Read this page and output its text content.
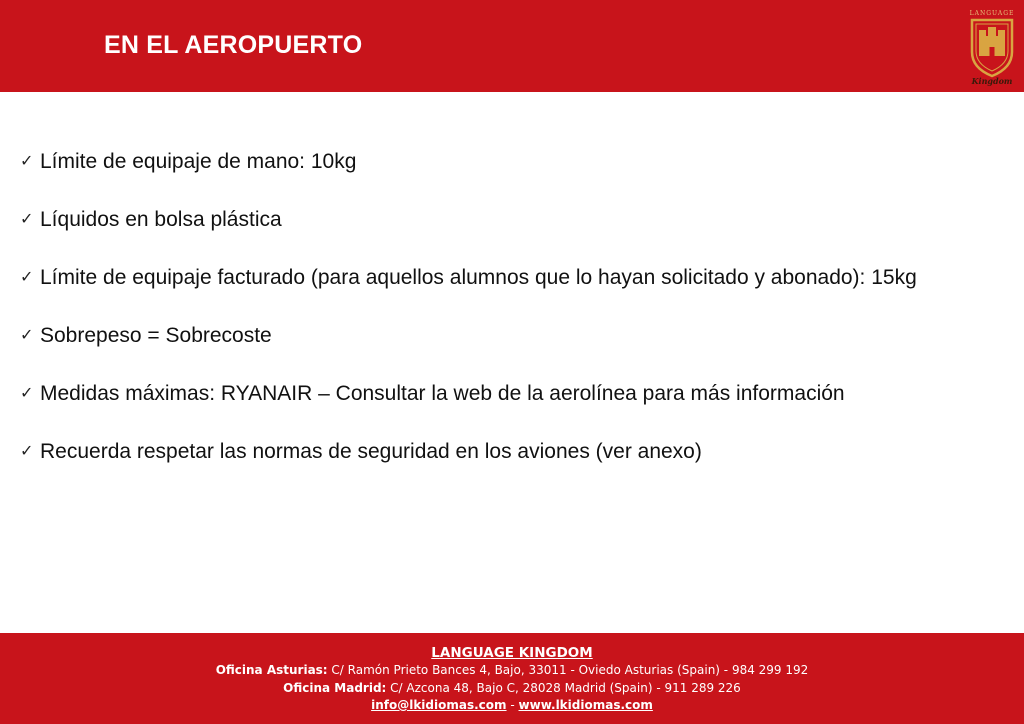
EN EL AEROPUERTO
LANGUAGE
Kingdom
✓ Límite de equipaje de mano: 10kg
✓ Líquidos en bolsa plástica
✓ Límite de equipaje facturado (para aquellos alumnos que lo hayan solicitado y abonado): 15kg
✓ Sobrepeso = Sobrecoste
✓ Medidas máximas: RYANAIR – Consultar la web de la aerolínea para más información
✓ Recuerda respetar las normas de seguridad en los aviones (ver anexo)
LANGUAGE KINGDOM
Oficina Asturias: C/ Ramón Prieto Bances 4, Bajo, 33011 - Oviedo Asturias (Spain) - 984 299 192
Oficina Madrid: C/ Azcona 48, Bajo C, 28028 Madrid (Spain) - 911 289 226
info@lkidiomas.com - www.lkidiomas.com
